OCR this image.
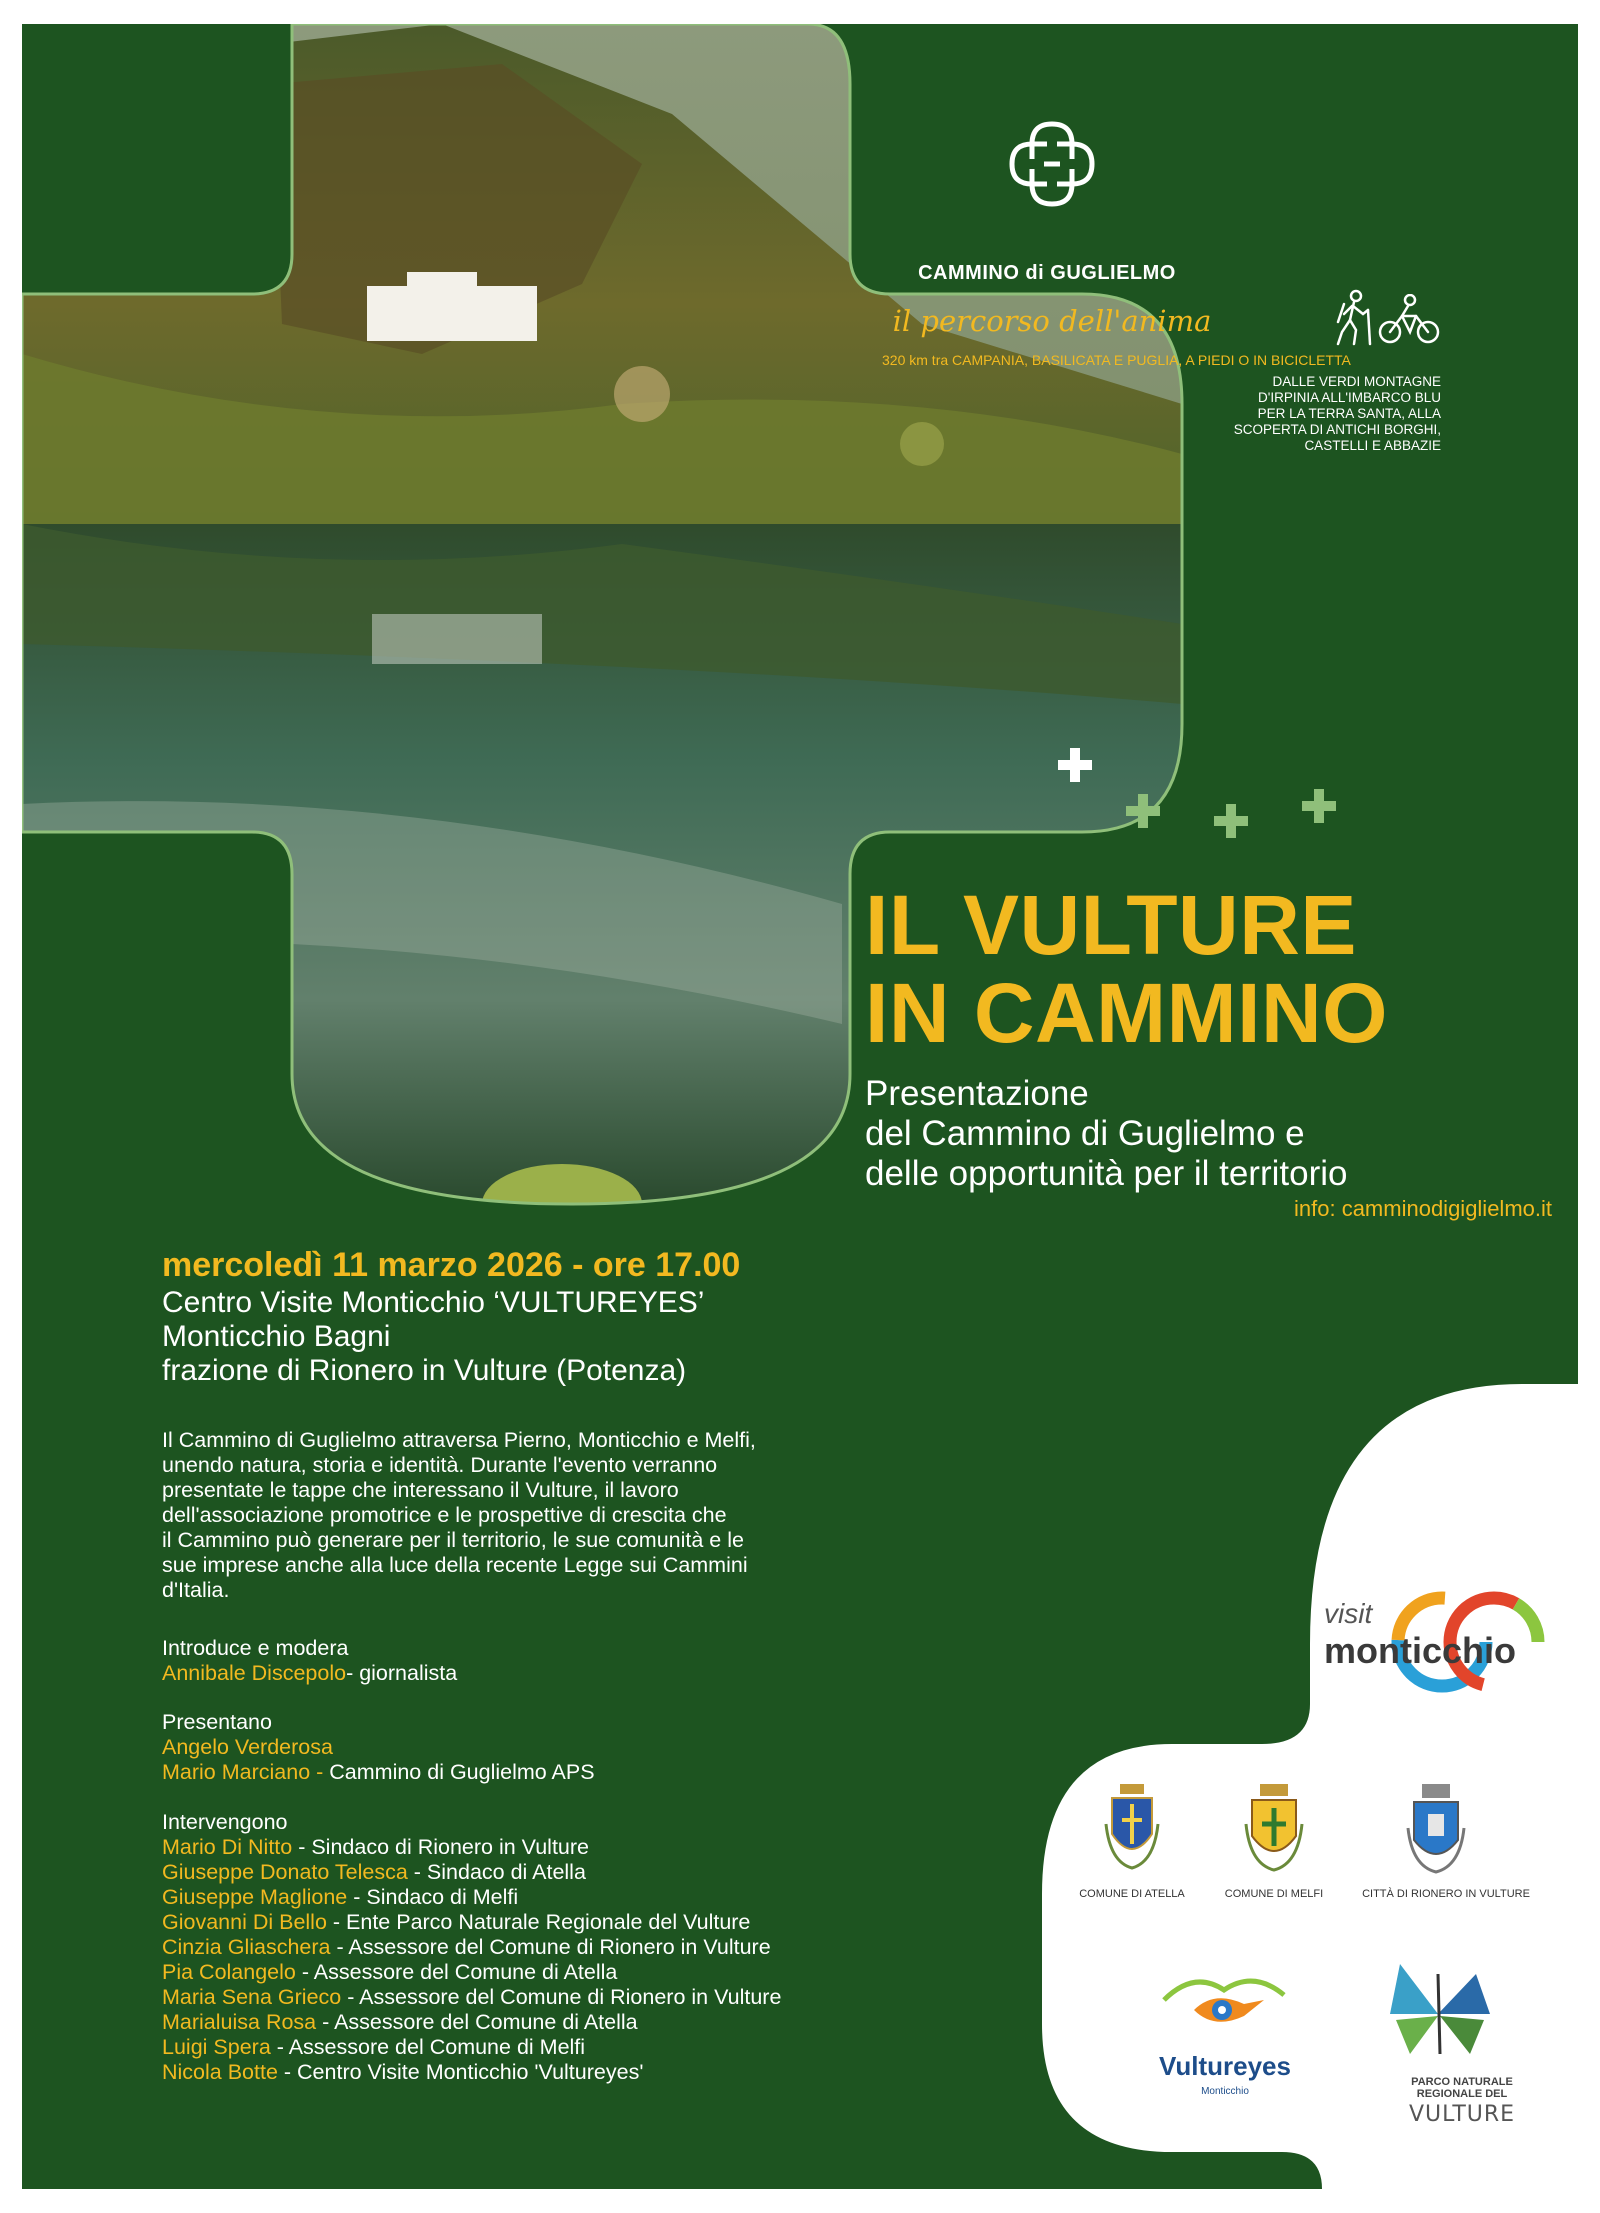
CAMMINO di GUGLIELMO
il percorso dell'anima
320 km tra CAMPANIA, BASILICATA E PUGLIA, A PIEDI O IN BICICLETTA
DALLE VERDI MONTAGNE
D'IRPINIA ALL'IMBARCO BLU
PER LA TERRA SANTA, ALLA
SCOPERTA DI ANTICHI BORGHI,
CASTELLI E ABBAZIE
IL VULTURE
IN CAMMINO
Presentazione
del Cammino di Guglielmo e
delle opportunità per il territorio
info: camminodigiglielmo.it
mercoledì 11 marzo 2026 - ore 17.00
Centro Visite Monticchio ‘VULTUREYES’
Monticchio Bagni
frazione di Rionero in Vulture (Potenza)
Il Cammino di Guglielmo attraversa Pierno, Monticchio e Melfi,
unendo natura, storia e identità. Durante l'evento verranno
presentate le tappe che interessano il Vulture, il lavoro
dell'associazione promotrice e le prospettive di crescita che
il Cammino può generare per il territorio, le sue comunità e le
sue imprese anche alla luce della recente Legge sui Cammini
d'Italia.
Introduce e modera
Annibale Discepolo- giornalista
Presentano
Angelo Verderosa
Mario Marciano - Cammino di Guglielmo APS
Intervengono
Mario Di Nitto - Sindaco di Rionero in Vulture
Giuseppe Donato Telesca - Sindaco di Atella
Giuseppe Maglione - Sindaco di Melfi
Giovanni Di Bello - Ente Parco Naturale Regionale del Vulture
Cinzia Gliaschera - Assessore del Comune di Rionero in Vulture
Pia Colangelo - Assessore del Comune di Atella
Maria Sena Grieco - Assessore del Comune di Rionero in Vulture
Marialuisa Rosa - Assessore del Comune di Atella
Luigi Spera - Assessore del Comune di Melfi
Nicola Botte - Centro Visite Monticchio 'Vultureyes'
visit
monticchio
COMUNE DI ATELLA	COMUNE DI MELFI	CITTÀ DI RIONERO IN VULTURE
Vultureyes
Monticchio
PARCO NATURALE
REGIONALE DEL
VULTURE
